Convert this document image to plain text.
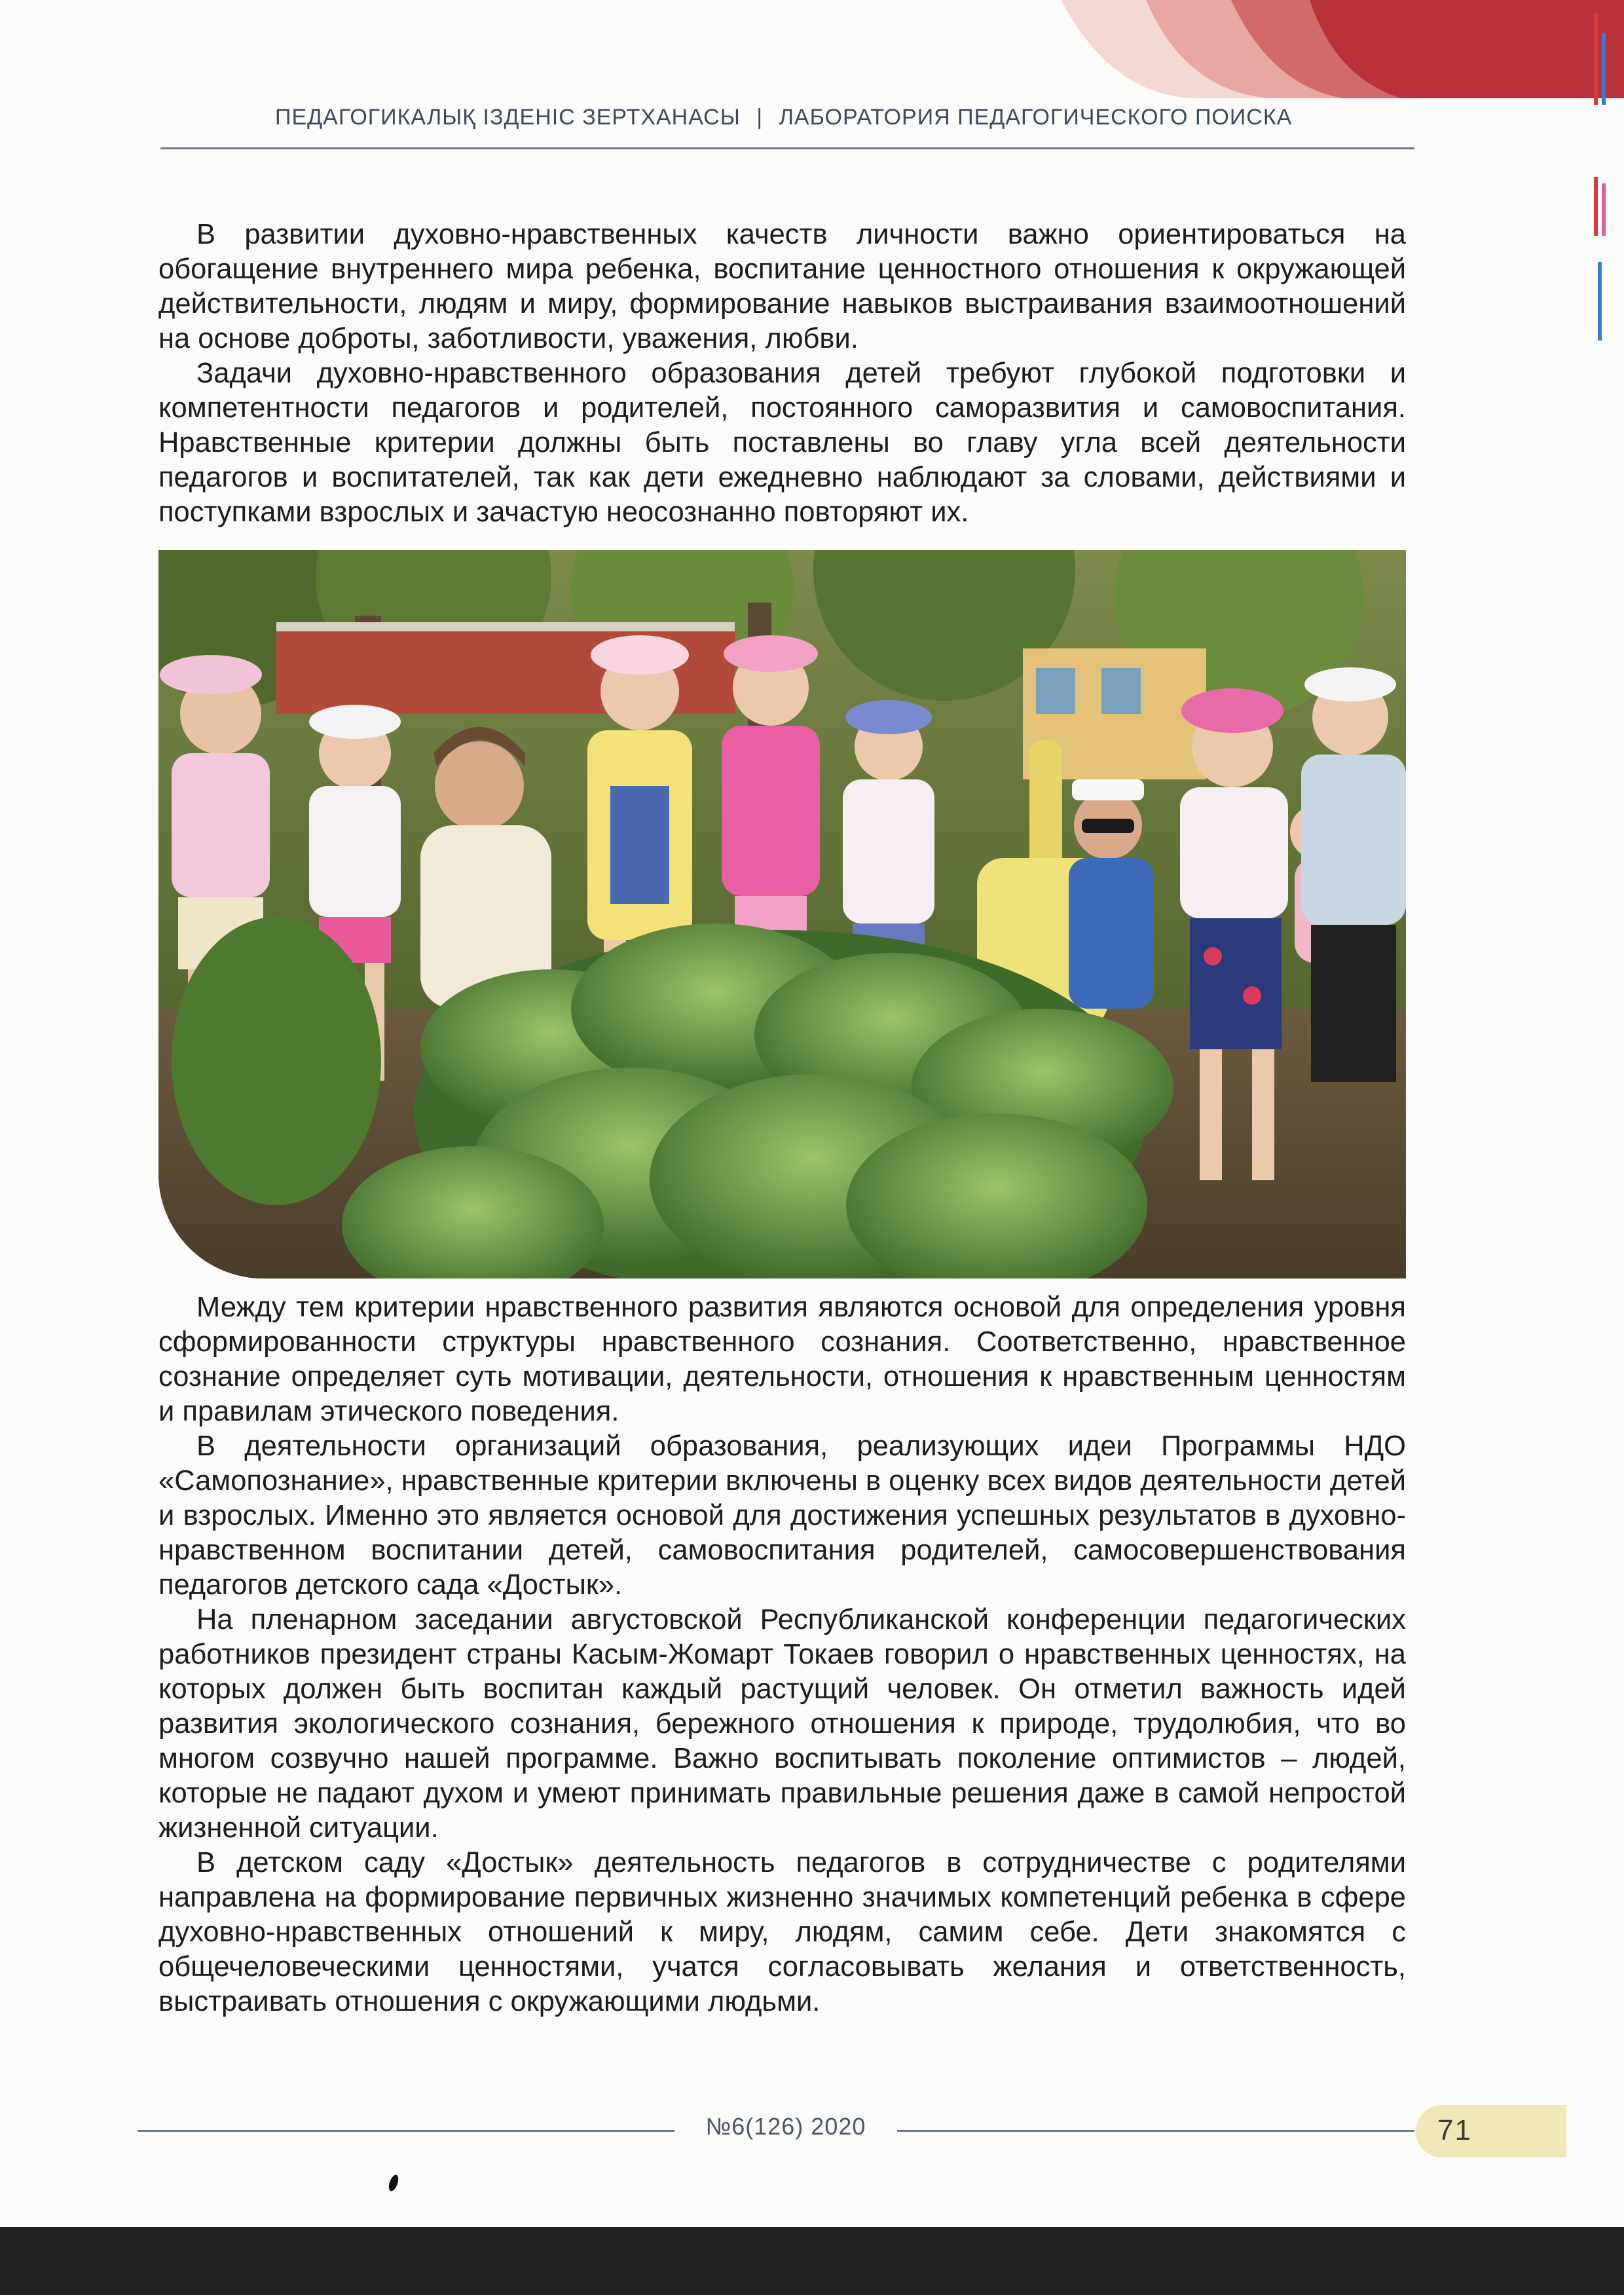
ПЕДАГОГИКАЛЫҚ ІЗДЕНІС ЗЕРТХАНАСЫ | ЛАБОРАТОРИЯ ПЕДАГОГИЧЕСКОГО ПОИСКА

В развитии духовно-нравственных качеств личности важно ориентироваться на обогащение внутреннего мира ребенка, воспитание ценностного отношения к окружающей действительности, людям и миру, формирование навыков выстраивания взаимоотношений на основе доброты, заботливости, уважения, любви.

Задачи духовно-нравственного образования детей требуют глубокой подготовки и компетентности педагогов и родителей, постоянного саморазвития и самовоспитания. Нравственные критерии должны быть поставлены во главу угла всей деятельности педагогов и воспитателей, так как дети ежедневно наблюдают за словами, действиями и поступками взрослых и зачастую неосознанно повторяют их.

Между тем критерии нравственного развития являются основой для определения уровня сформированности структуры нравственного сознания. Соответственно, нравственное сознание определяет суть мотивации, деятельности, отношения к нравственным ценностям и правилам этического поведения.

В деятельности организаций образования, реализующих идеи Программы НДО «Самопознание», нравственные критерии включены в оценку всех видов деятельности детей и взрослых. Именно это является основой для достижения успешных результатов в духовно-нравственном воспитании детей, самовоспитания родителей, самосовершенствования педагогов детского сада «Достык».

На пленарном заседании августовской Республиканской конференции педагогических работников президент страны Касым-Жомарт Токаев говорил о нравственных ценностях, на которых должен быть воспитан каждый растущий человек. Он отметил важность идей развития экологического сознания, бережного отношения к природе, трудолюбия, что во многом созвучно нашей программе. Важно воспитывать поколение оптимистов – людей, которые не падают духом и умеют принимать правильные решения даже в самой непростой жизненной ситуации.

В детском саду «Достык» деятельность педагогов в сотрудничестве с родителями направлена на формирование первичных жизненно значимых компетенций ребенка в сфере духовно-нравственных отношений к миру, людям, самим себе. Дети знакомятся с общечеловеческими ценностями, учатся согласовывать желания и ответственность, выстраивать отношения с окружающими людьми.

№6(126) 2020	71
